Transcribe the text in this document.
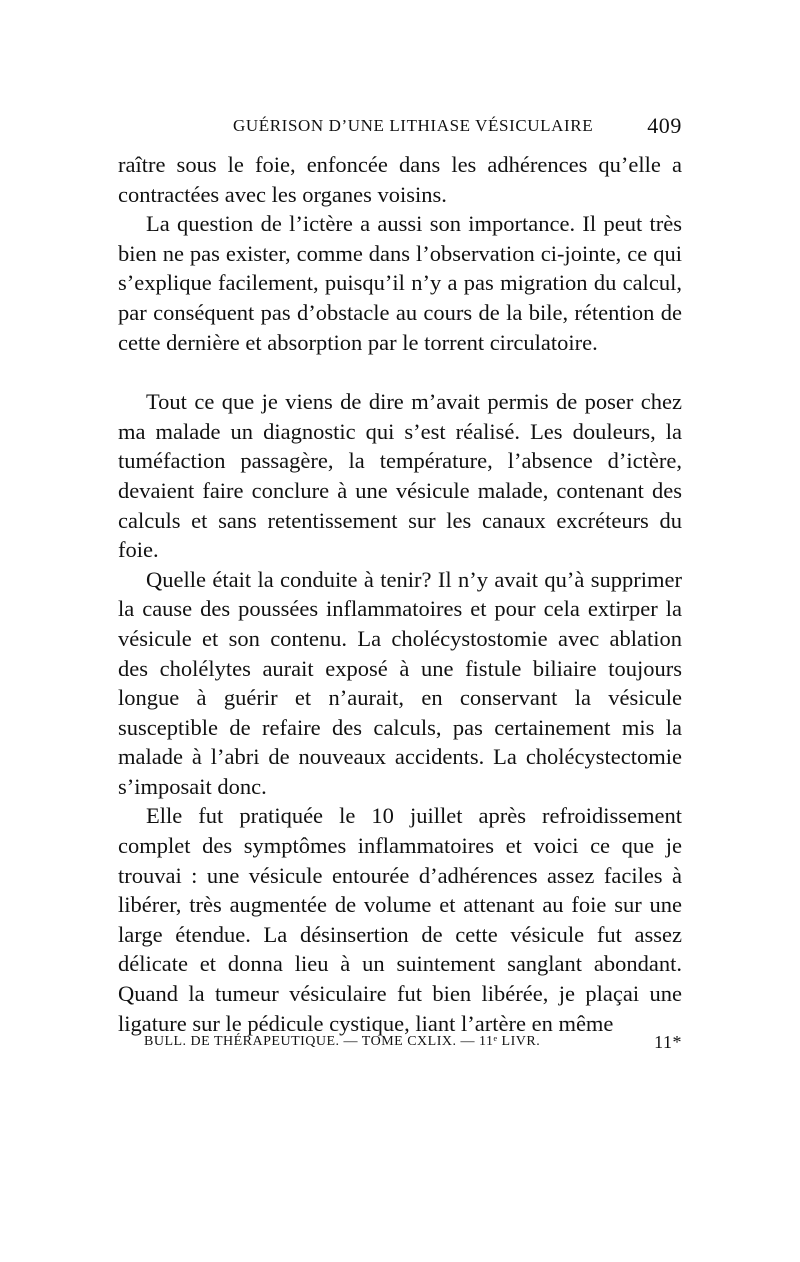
GUÉRISON D’UNE LITHIASE VÉSICULAIRE 409

raître sous le foie, enfoncée dans les adhérences qu’elle a contractées avec les organes voisins.

La question de l’ictère a aussi son importance. Il peut très bien ne pas exister, comme dans l’observation ci-jointe, ce qui s’explique facilement, puisqu’il n’y a pas migration du calcul, par conséquent pas d’obstacle au cours de la bile, rétention de cette dernière et absorption par le torrent circulatoire.

Tout ce que je viens de dire m’avait permis de poser chez ma malade un diagnostic qui s’est réalisé. Les douleurs, la tuméfaction passagère, la température, l’absence d’ictère, devaient faire conclure à une vésicule malade, contenant des calculs et sans retentissement sur les canaux excréteurs du foie.

Quelle était la conduite à tenir? Il n’y avait qu’à supprimer la cause des poussées inflammatoires et pour cela extirper la vésicule et son contenu. La cholécystostomie avec ablation des cholélytes aurait exposé à une fistule biliaire toujours longue à guérir et n’aurait, en conservant la vésicule susceptible de refaire des calculs, pas certainement mis la malade à l’abri de nouveaux accidents. La cholécystectomie s’imposait donc.

Elle fut pratiquée le 10 juillet après refroidissement complet des symptômes inflammatoires et voici ce que je trouvai : une vésicule entourée d’adhérences assez faciles à libérer, très augmentée de volume et attenant au foie sur une large étendue. La désinsertion de cette vésicule fut assez délicate et donna lieu à un suintement sanglant abondant. Quand la tumeur vésiculaire fut bien libérée, je plaçai une ligature sur le pédicule cystique, liant l’artère en même

BULL. DE THÉRAPEUTIQUE. — TOME CXLIX. — 11ᵉ LIVR.	11*
